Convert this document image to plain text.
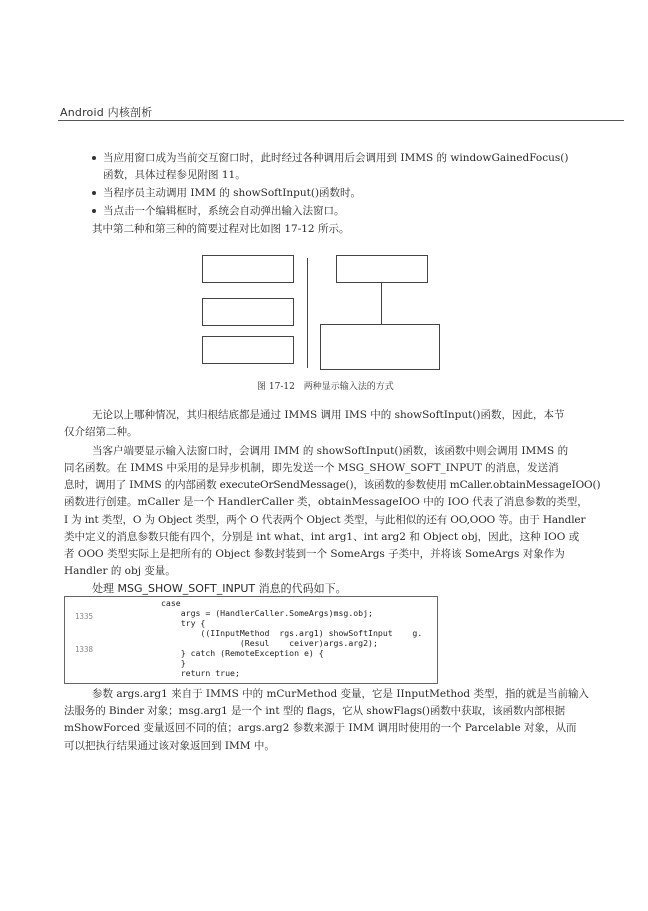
Android 内核剖析
当应用窗口成为当前交互窗口时，此时经过各种调用后会调用到 IMMS 的 windowGainedFocus()
函数，具体过程参见附图 11。
当程序员主动调用 IMM 的 showSoftInput()函数时。
当点击一个编辑框时，系统会自动弹出输入法窗口。
其中第二种和第三种的简要过程对比如图 17-12 所示。
图 17-12　两种显示输入法的方式
无论以上哪种情况，其归根结底都是通过 IMMS 调用 IMS 中的 showSoftInput()函数，因此，本节
仅介绍第二种。
当客户端要显示输入法窗口时，会调用 IMM 的 showSoftInput()函数，该函数中则会调用 IMMS 的
同名函数。在 IMMS 中采用的是异步机制，即先发送一个 MSG_SHOW_SOFT_INPUT 的消息，发送消
息时，调用了 IMMS 的内部函数 executeOrSendMessage()，该函数的参数使用 mCaller.obtainMessageIOO()
函数进行创建。mCaller 是一个 HandlerCaller 类，obtainMessageIOO 中的 IOO 代表了消息参数的类型，
I 为 int 类型，O 为 Object 类型，两个 O 代表两个 Object 类型，与此相似的还有 OO,OOO 等。由于 Handler
类中定义的消息参数只能有四个，分别是 int what、int arg1、int arg2 和 Object obj，因此，这种 IOO 或
者 OOO 类型实际上是把所有的 Object 参数封装到一个 SomeArgs 子类中，并将该 SomeArgs 对象作为
Handler 的 obj 变量。
处理 MSG_SHOW_SOFT_INPUT 消息的代码如下。
1335
1338
case
args = (HandlerCaller.SomeArgs)msg.obj;
try {
((IInputMethod  rgs.arg1) showSoftInput    g.
(Resul    ceiver)args.arg2);
} catch (RemoteException e) {
}
return true;
参数 args.arg1 来自于 IMMS 中的 mCurMethod 变量，它是 IInputMethod 类型，指的就是当前输入
法服务的 Binder 对象；msg.arg1 是一个 int 型的 flags，它从 showFlags()函数中获取，该函数内部根据
mShowForced 变量返回不同的值；args.arg2 参数来源于 IMM 调用时使用的一个 Parcelable 对象，从而
可以把执行结果通过该对象返回到 IMM 中。
